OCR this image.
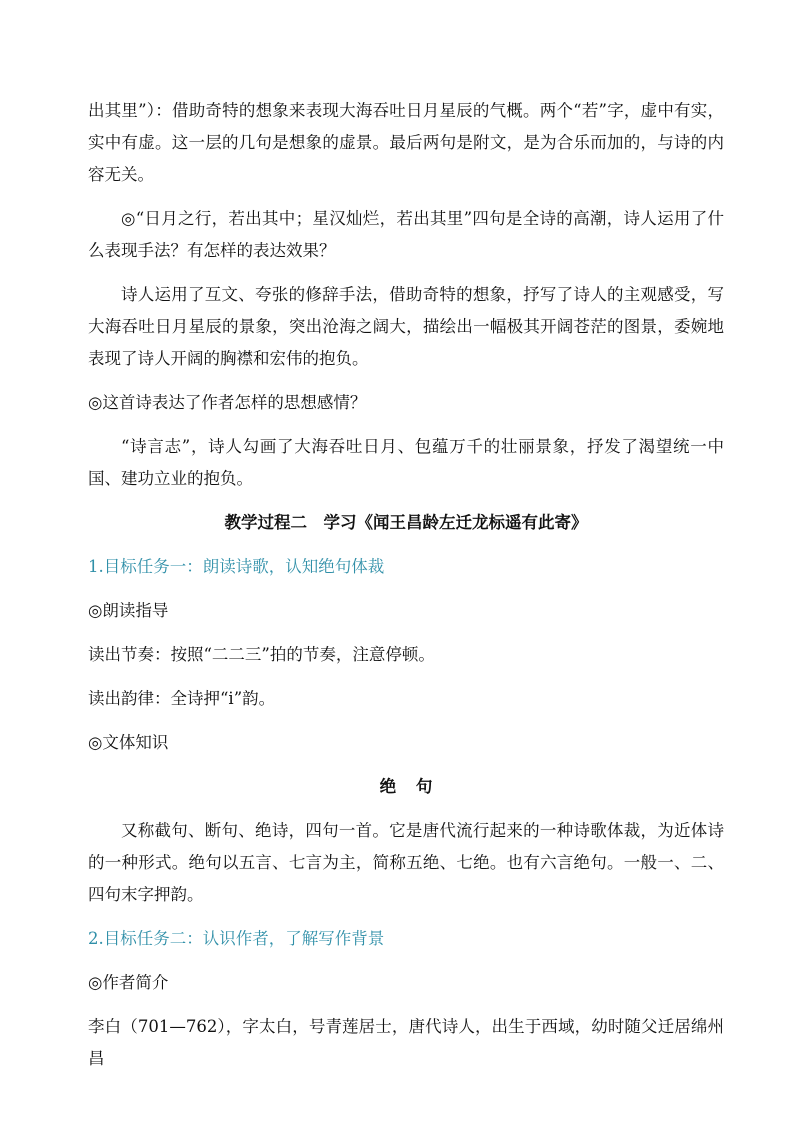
出其里”）：借助奇特的想象来表现大海吞吐日月星辰的气概。两个“若”字，虚中有实，实中有虚。这一层的几句是想象的虚景。最后两句是附文，是为合乐而加的，与诗的内容无关。

◎“日月之行，若出其中；星汉灿烂，若出其里”四句是全诗的高潮，诗人运用了什么表现手法？有怎样的表达效果？

诗人运用了互文、夸张的修辞手法，借助奇特的想象，抒写了诗人的主观感受，写大海吞吐日月星辰的景象，突出沧海之阔大，描绘出一幅极其开阔苍茫的图景，委婉地表现了诗人开阔的胸襟和宏伟的抱负。

◎这首诗表达了作者怎样的思想感情？

“诗言志”，诗人勾画了大海吞吐日月、包蕴万千的壮丽景象，抒发了渴望统一中国、建功立业的抱负。

教学过程二　学习《闻王昌龄左迁龙标遥有此寄》

1.目标任务一：朗读诗歌，认知绝句体裁

◎朗读指导

读出节奏：按照“二二三”拍的节奏，注意停顿。

读出韵律：全诗押“i”韵。

◎文体知识

绝句

又称截句、断句、绝诗，四句一首。它是唐代流行起来的一种诗歌体裁，为近体诗的一种形式。绝句以五言、七言为主，简称五绝、七绝。也有六言绝句。一般一、二、四句末字押韵。

2.目标任务二：认识作者，了解写作背景

◎作者简介

李白（701—762），字太白，号青莲居士，唐代诗人，出生于西域，幼时随父迁居绵州昌
